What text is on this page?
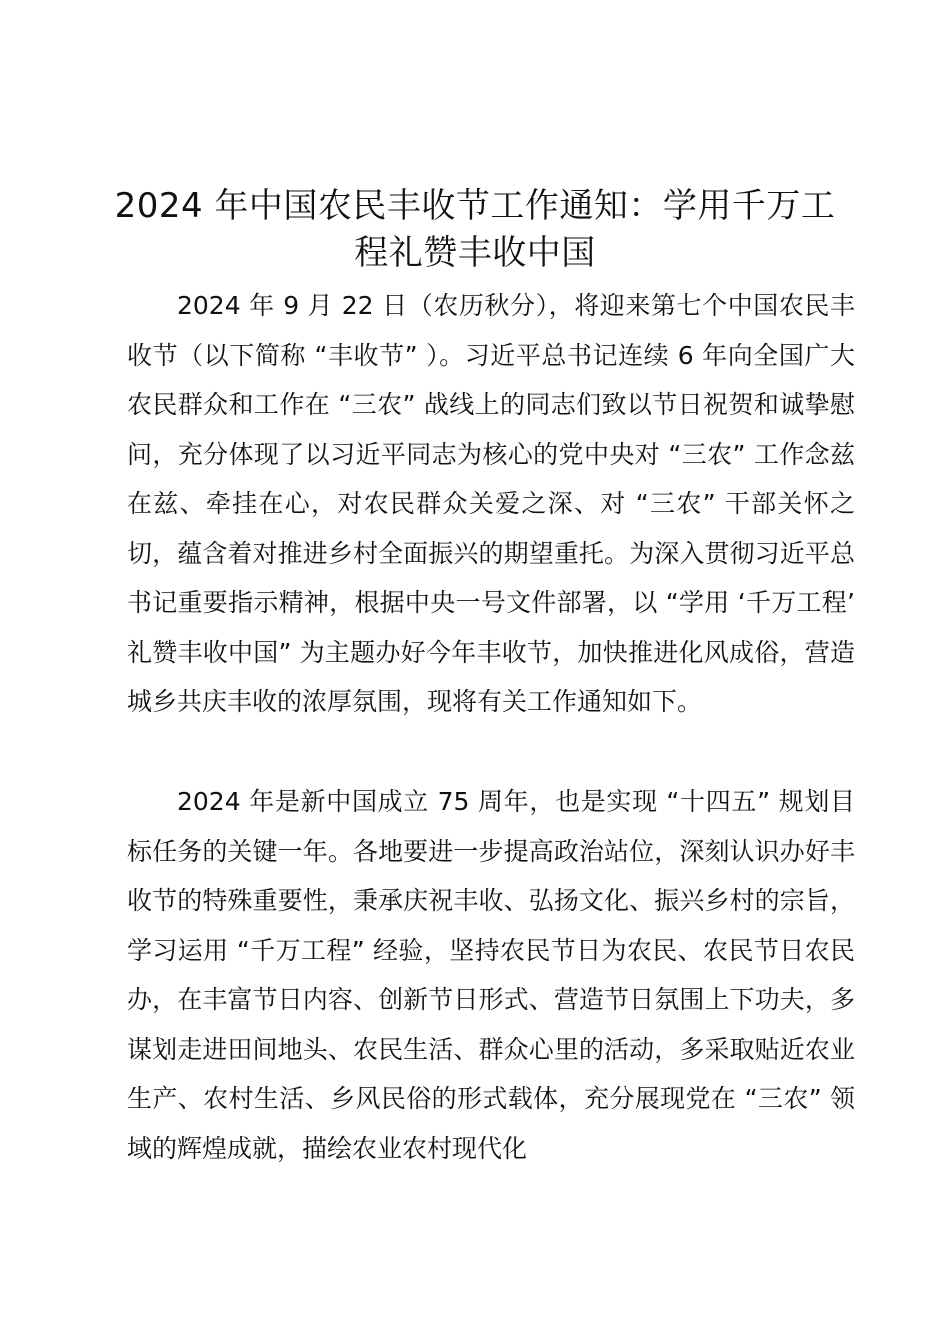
2024 年中国农民丰收节工作通知：学用千万工程礼赞丰收中国

2024 年 9 月 22 日（农历秋分），将迎来第七个中国农民丰收节（以下简称 “丰收节” ）。习近平总书记连续 6 年向全国广大农民群众和工作在 “三农” 战线上的同志们致以节日祝贺和诚挚慰问，充分体现了以习近平同志为核心的党中央对 “三农” 工作念兹在兹、牵挂在心，对农民群众关爱之深、对 “三农” 干部关怀之切，蕴含着对推进乡村全面振兴的期望重托。为深入贯彻习近平总书记重要指示精神，根据中央一号文件部署，以 “学用 ‘千万工程’ 礼赞丰收中国” 为主题办好今年丰收节，加快推进化风成俗，营造城乡共庆丰收的浓厚氛围，现将有关工作通知如下。

2024 年是新中国成立 75 周年，也是实现 “十四五” 规划目标任务的关键一年。各地要进一步提高政治站位，深刻认识办好丰收节的特殊重要性，秉承庆祝丰收、弘扬文化、振兴乡村的宗旨，学习运用 “千万工程” 经验，坚持农民节日为农民、农民节日农民办，在丰富节日内容、创新节日形式、营造节日氛围上下功夫，多谋划走进田间地头、农民生活、群众心里的活动，多采取贴近农业生产、农村生活、乡风民俗的形式载体，充分展现党在 “三农” 领域的辉煌成就，描绘农业农村现代化
